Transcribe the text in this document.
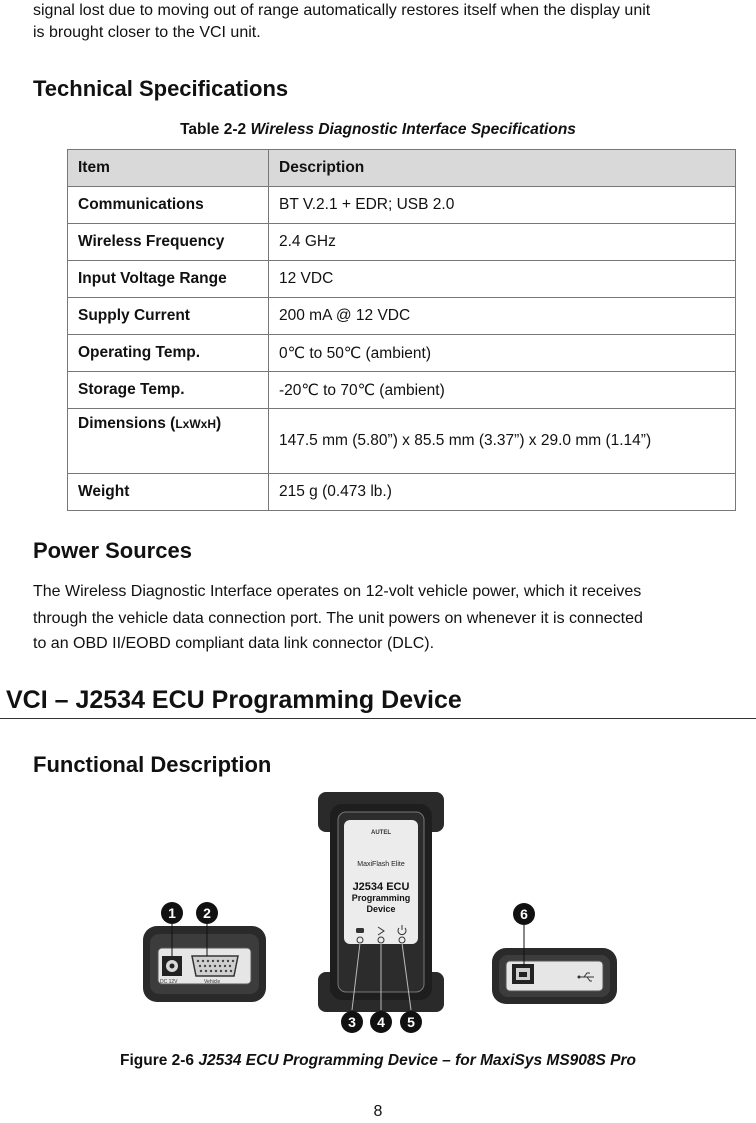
signal lost due to moving out of range automatically restores itself when the display unit

is brought closer to the VCI unit.

Technical Specifications
Table 2-2 Wireless Diagnostic Interface Specifications
Item	Description
Communications	BT V.2.1 + EDR; USB 2.0
Wireless Frequency	2.4 GHz
Input Voltage Range	12 VDC
Supply Current	200 mA @ 12 VDC
Operating Temp.	0℃ to 50℃ (ambient)
Storage Temp.	-20℃ to 70℃ (ambient)
Dimensions (LxWxH)	147.5 mm (5.80”) x 85.5 mm (3.37”) x 29.0 mm (1.14”)
Weight	215 g (0.473 lb.)
Power Sources

The Wireless Diagnostic Interface operates on 12-volt vehicle power, which it receives

through the vehicle data connection port. The unit powers on whenever it is connected

to an OBD II/EOBD compliant data link connector (DLC).

VCI – J2534 ECU Programming Device
Functional Description
DC 12V	Vehicle
1 2
AUTEL
MaxiFlash Elite
J2534 ECU
Programming
Device
3 4 5
6
Figure 2-6 J2534 ECU Programming Device – for MaxiSys MS908S Pro
8
